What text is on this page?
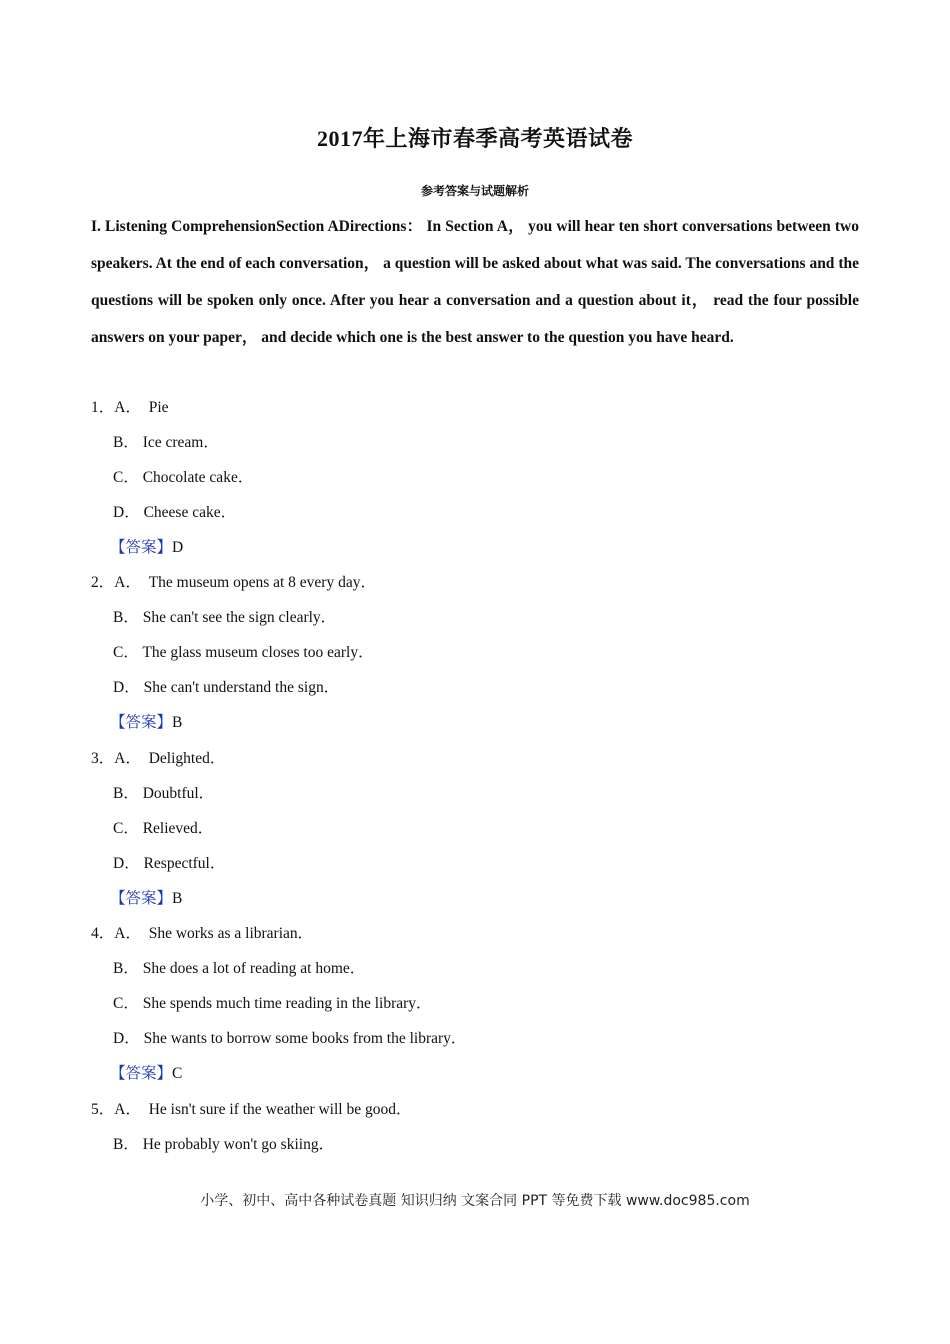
2017年上海市春季高考英语试卷
参考答案与试题解析
I. Listening ComprehensionSection ADirections： In Section A， you will hear ten short conversations between two speakers. At the end of each conversation， a question will be asked about what was said. The conversations and the questions will be spoken only once. After you hear a conversation and a question about it， read the four possible answers on your paper， and decide which one is the best answer to the question you have heard.
1．A． Pie
B． Ice cream．
C． Chocolate cake．
D． Cheese cake．
【答案】D
2．A． The museum opens at 8 every day．
B． She can't see the sign clearly．
C． The glass museum closes too early．
D． She can't understand the sign．
【答案】B
3．A． Delighted．
B． Doubtful．
C． Relieved．
D． Respectful．
【答案】B
4．A． She works as a librarian．
B． She does a lot of reading at home．
C． She spends much time reading in the library．
D． She wants to borrow some books from the library．
【答案】C
5．A． He isn't sure if the weather will be good．
B． He probably won't go skiing．
小学、初中、高中各种试卷真题 知识归纳 文案合同 PPT 等免费下载 www.doc985.com
